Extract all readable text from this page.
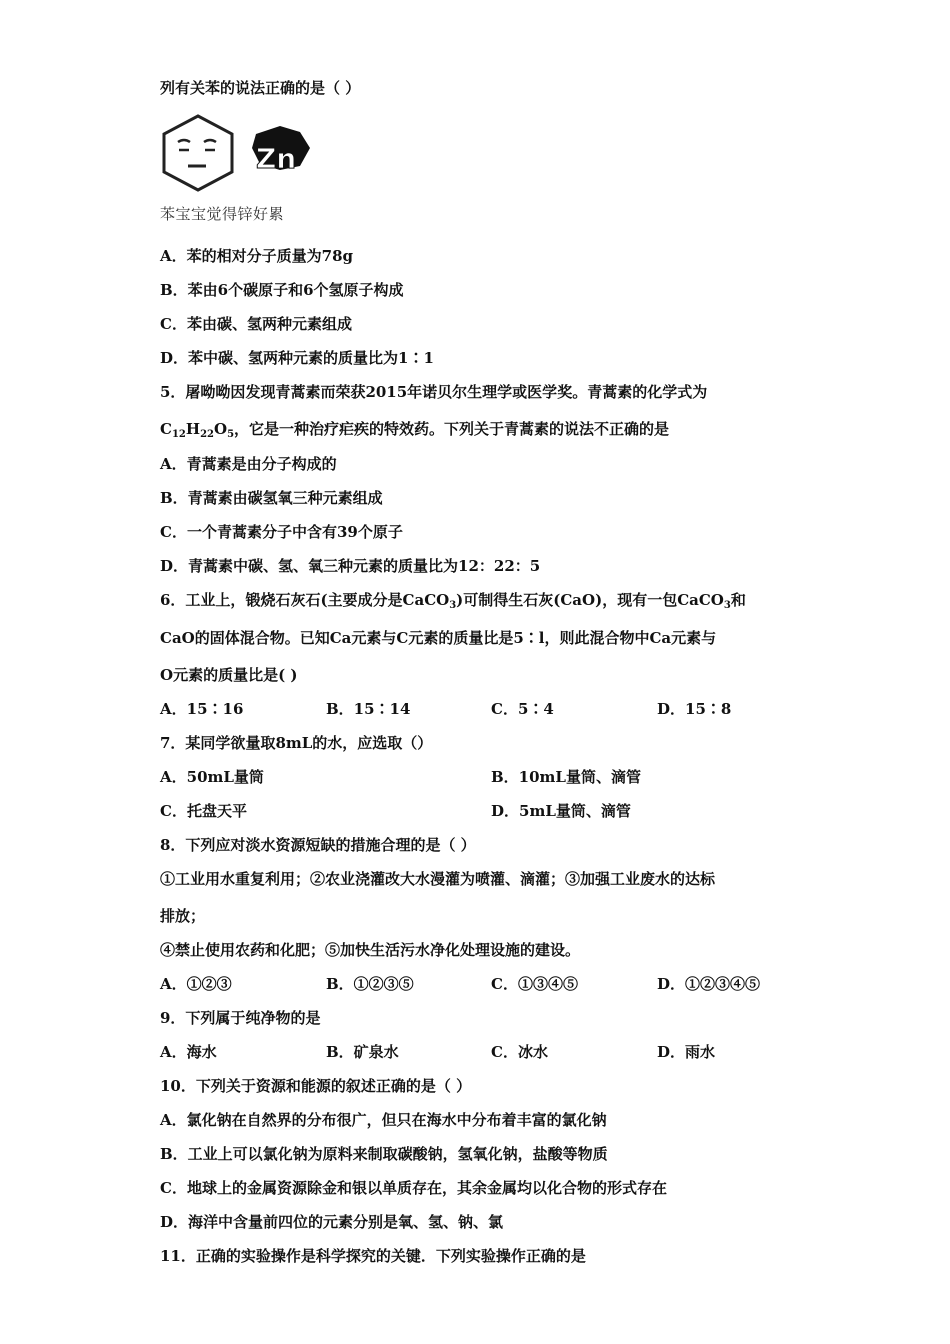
列有关苯的说法正确的是（ ）

Zn
苯宝宝觉得锌好累

A．苯的相对分子质量为78g

B．苯由6个碳原子和6个氢原子构成

C．苯由碳、氢两种元素组成

D．苯中碳、氢两种元素的质量比为1∶1

5．屠呦呦因发现青蒿素而荣获2015年诺贝尔生理学或医学奖。青蒿素的化学式为

$C_{12}H_{22}O_5$，它是一种治疗疟疾的特效药。下列关于青蒿素的说法不正确的是

A．青蒿素是由分子构成的

B．青蒿素由碳氢氧三种元素组成

C．一个青蒿素分子中含有39个原子

D．青蒿素中碳、氢、氧三种元素的质量比为12：22：5

6．工业上，锻烧石灰石(主要成分是CaCO$_3$)可制得生石灰(CaO)，现有一包CaCO$_3$和

CaO的固体混合物。已知Ca元素与C元素的质量比是5∶l，则此混合物中Ca元素与

O元素的质量比是( )

A．15∶16	B．15∶14	C．5∶4	D．15∶8

7．某同学欲量取8mL的水，应选取（）

A．50mL量筒	B．10mL量筒、滴管
C．托盘天平	D．5mL量筒、滴管

8．下列应对淡水资源短缺的措施合理的是（ ）

①工业用水重复利用；②农业浇灌改大水漫灌为喷灌、滴灌；③加强工业废水的达标

排放；

④禁止使用农药和化肥；⑤加快生活污水净化处理设施的建设。

A．①②③	B．①②③⑤	C．①③④⑤	D．①②③④⑤

9．下列属于纯净物的是

A．海水	B．矿泉水	C．冰水	D．雨水

10．下列关于资源和能源的叙述正确的是（ ）

A．氯化钠在自然界的分布很广，但只在海水中分布着丰富的氯化钠

B．工业上可以氯化钠为原料来制取碳酸钠，氢氧化钠，盐酸等物质

C．地球上的金属资源除金和银以单质存在，其余金属均以化合物的形式存在

D．海洋中含量前四位的元素分别是氧、氢、钠、氯

11．正确的实验操作是科学探究的关键．下列实验操作正确的是
